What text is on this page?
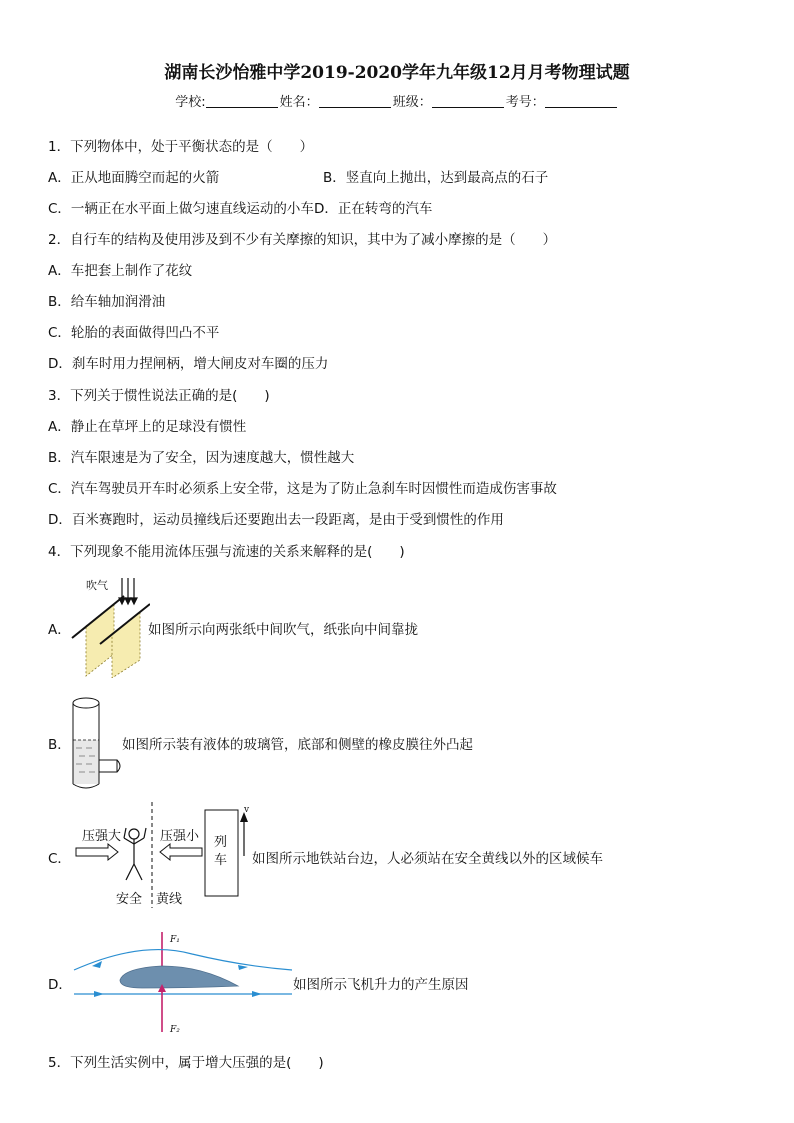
湖南长沙怡雅中学2019-2020学年九年级12月月考物理试题
学校:	姓名：	班级：	考号：
1．下列物体中，处于平衡状态的是（　　）
A．正从地面腾空而起的火箭	B．竖直向上抛出，达到最高点的石子
C．一辆正在水平面上做匀速直线运动的小车D．正在转弯的汽车
2．自行车的结构及使用涉及到不少有关摩擦的知识，其中为了减小摩擦的是（　　）
A．车把套上制作了花纹
B．给车轴加润滑油
C．轮胎的表面做得凹凸不平
D．刹车时用力捏闸柄，增大闸皮对车圈的压力
3．下列关于惯性说法正确的是(　　)
A．静止在草坪上的足球没有惯性
B．汽车限速是为了安全，因为速度越大，惯性越大
C．汽车驾驶员开车时必须系上安全带，这是为了防止急刹车时因惯性而造成伤害事故
D．百米赛跑时，运动员撞线后还要跑出去一段距离，是由于受到惯性的作用
4．下列现象不能用流体压强与流速的关系来解释的是(　　)
A．
吹气
如图所示向两张纸中间吹气，纸张向中间靠拢
B．	如图所示装有液体的玻璃管，底部和侧壁的橡皮膜往外凸起
C．
压强大	压强小
安全 黄线
列
车
v
如图所示地铁站台边，人必须站在安全黄线以外的区域候车
D．
F₁
F₂
如图所示飞机升力的产生原因
5．下列生活实例中，属于增大压强的是(　　)
